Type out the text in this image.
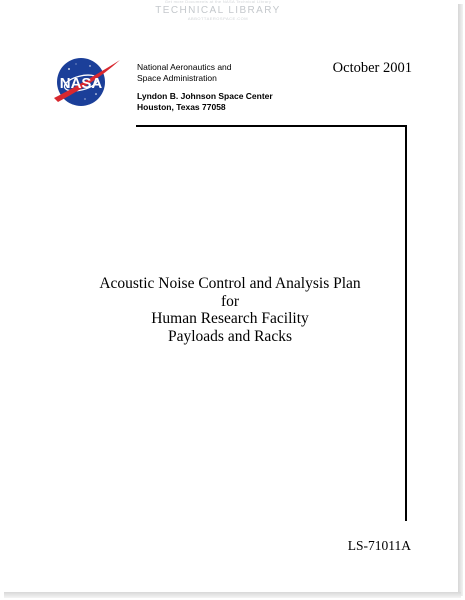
Get more Documents at the NASA Technical Library
TECHNICAL LIBRARY
ABBOTTAEROSPACE.COM
NASA
National Aeronautics and
Space Administration
Lyndon B. Johnson Space Center
Houston, Texas 77058
October 2001
Acoustic Noise Control and Analysis Plan
for
Human Research Facility
Payloads and Racks
LS-71011A
